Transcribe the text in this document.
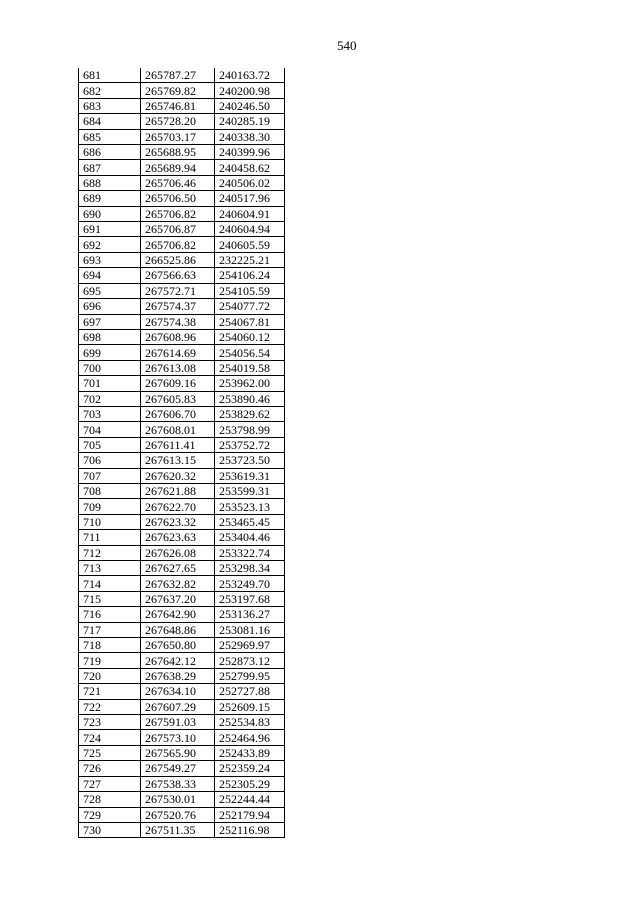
540
681	265787.27	240163.72
682	265769.82	240200.98
683	265746.81	240246.50
684	265728.20	240285.19
685	265703.17	240338.30
686	265688.95	240399.96
687	265689.94	240458.62
688	265706.46	240506.02
689	265706.50	240517.96
690	265706.82	240604.91
691	265706.87	240604.94
692	265706.82	240605.59
693	266525.86	232225.21
694	267566.63	254106.24
695	267572.71	254105.59
696	267574.37	254077.72
697	267574.38	254067.81
698	267608.96	254060.12
699	267614.69	254056.54
700	267613.08	254019.58
701	267609.16	253962.00
702	267605.83	253890.46
703	267606.70	253829.62
704	267608.01	253798.99
705	267611.41	253752.72
706	267613.15	253723.50
707	267620.32	253619.31
708	267621.88	253599.31
709	267622.70	253523.13
710	267623.32	253465.45
711	267623.63	253404.46
712	267626.08	253322.74
713	267627.65	253298.34
714	267632.82	253249.70
715	267637.20	253197.68
716	267642.90	253136.27
717	267648.86	253081.16
718	267650.80	252969.97
719	267642.12	252873.12
720	267638.29	252799.95
721	267634.10	252727.88
722	267607.29	252609.15
723	267591.03	252534.83
724	267573.10	252464.96
725	267565.90	252433.89
726	267549.27	252359.24
727	267538.33	252305.29
728	267530.01	252244.44
729	267520.76	252179.94
730	267511.35	252116.98
